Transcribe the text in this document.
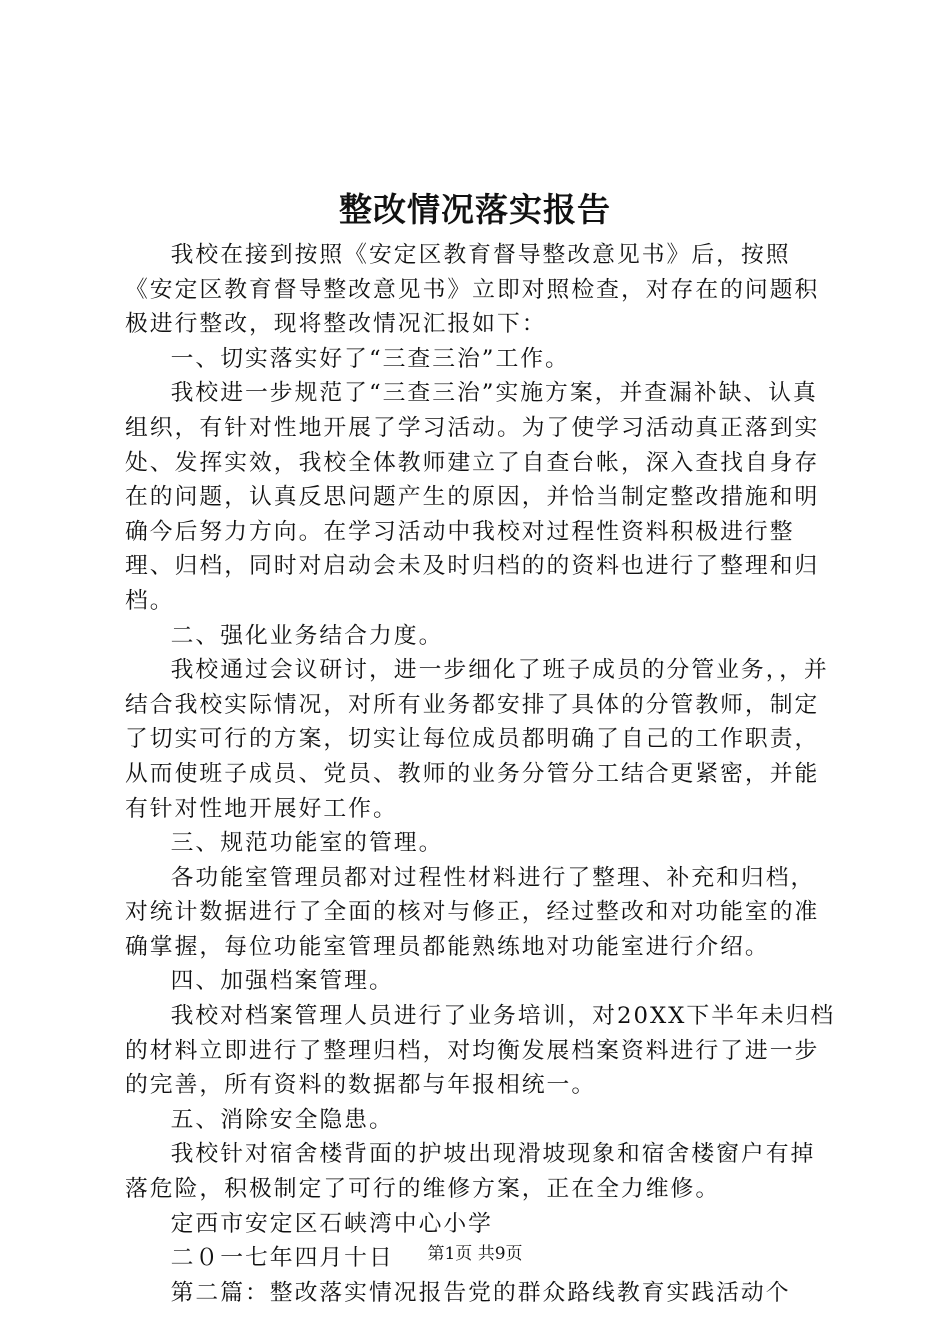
整改情况落实报告

我校在接到按照《安定区教育督导整改意见书》后，按照《安定区教育督导整改意见书》立即对照检查，对存在的问题积极进行整改，现将整改情况汇报如下：

一、切实落实好了“三查三治”工作。

我校进一步规范了“三查三治”实施方案，并查漏补缺、认真组织，有针对性地开展了学习活动。为了使学习活动真正落到实处、发挥实效，我校全体教师建立了自查台帐，深入查找自身存在的问题，认真反思问题产生的原因，并恰当制定整改措施和明确今后努力方向。在学习活动中我校对过程性资料积极进行整理、归档，同时对启动会未及时归档的的资料也进行了整理和归档。

二、强化业务结合力度。

我校通过会议研讨，进一步细化了班子成员的分管业务，，并结合我校实际情况，对所有业务都安排了具体的分管教师，制定了切实可行的方案，切实让每位成员都明确了自己的工作职责，从而使班子成员、党员、教师的业务分管分工结合更紧密，并能有针对性地开展好工作。

三、规范功能室的管理。

各功能室管理员都对过程性材料进行了整理、补充和归档，对统计数据进行了全面的核对与修正，经过整改和对功能室的准确掌握，每位功能室管理员都能熟练地对功能室进行介绍。

四、加强档案管理。

我校对档案管理人员进行了业务培训，对20XX下半年未归档的材料立即进行了整理归档，对均衡发展档案资料进行了进一步的完善，所有资料的数据都与年报相统一。

五、消除安全隐患。

我校针对宿舍楼背面的护坡出现滑坡现象和宿舍楼窗户有掉落危险，积极制定了可行的维修方案，正在全力维修。

定西市安定区石峡湾中心小学

二０一七年四月十日

第二篇：整改落实情况报告党的群众路线教育实践活动个

第1页 共9页
